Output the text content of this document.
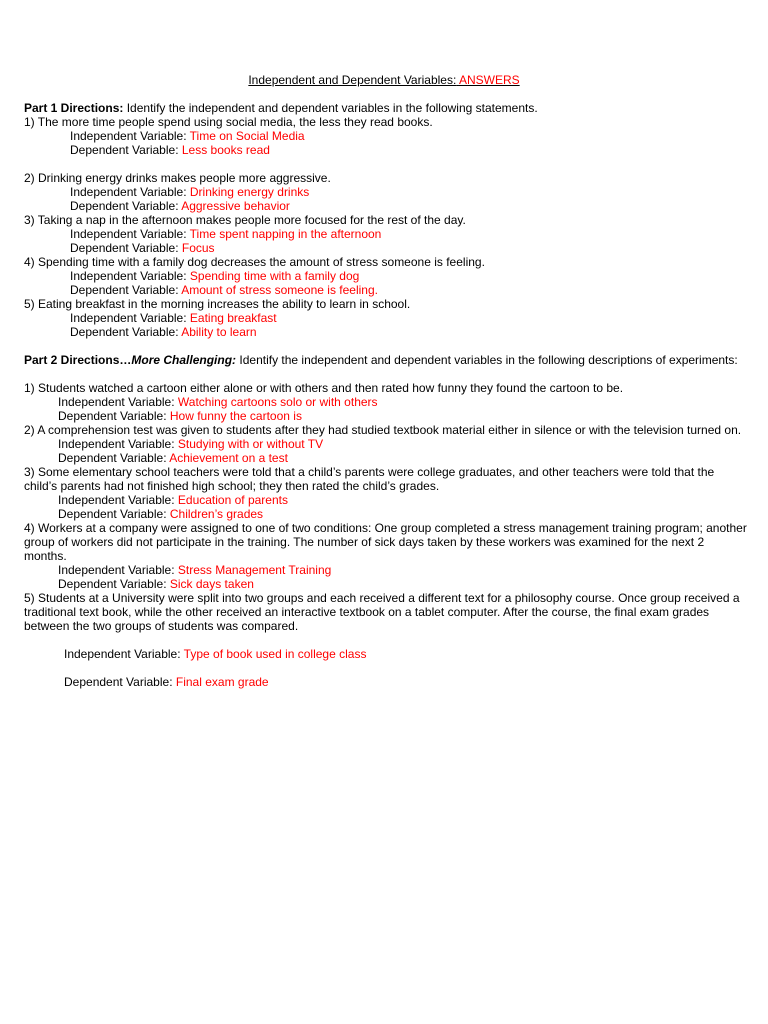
Independent and Dependent Variables: ANSWERS

Part 1 Directions: Identify the independent and dependent variables in the following statements.

1) The more time people spend using social media, the less they read books.

Independent Variable: Time on Social Media

Dependent Variable: Less books read

2) Drinking energy drinks makes people more aggressive.

Independent Variable: Drinking energy drinks

Dependent Variable: Aggressive behavior

3) Taking a nap in the afternoon makes people more focused for the rest of the day.

Independent Variable: Time spent napping in the afternoon

Dependent Variable: Focus

4) Spending time with a family dog decreases the amount of stress someone is feeling.

Independent Variable: Spending time with a family dog

Dependent Variable: Amount of stress someone is feeling.

5) Eating breakfast in the morning increases the ability to learn in school.

Independent Variable: Eating breakfast

Dependent Variable: Ability to learn

Part 2 Directions…More Challenging: Identify the independent and dependent variables in the following descriptions of experiments:

1) Students watched a cartoon either alone or with others and then rated how funny they found the cartoon to be.

Independent Variable: Watching cartoons solo or with others

Dependent Variable: How funny the cartoon is

2) A comprehension test was given to students after they had studied textbook material either in silence or with the television turned on.

Independent Variable: Studying with or without TV

Dependent Variable: Achievement on a test

3) Some elementary school teachers were told that a child’s parents were college graduates, and other teachers were told that the child’s parents had not finished high school; they then rated the child’s grades.

Independent Variable: Education of parents

Dependent Variable: Children’s grades

4) Workers at a company were assigned to one of two conditions: One group completed a stress management training program; another group of workers did not participate in the training. The number of sick days taken by these workers was examined for the next 2 months.

Independent Variable: Stress Management Training

Dependent Variable: Sick days taken

5) Students at a University were split into two groups and each received a different text for a philosophy course. Once group received a traditional text book, while the other received an interactive textbook on a tablet computer. After the course, the final exam grades between the two groups of students was compared.

Independent Variable: Type of book used in college class

Dependent Variable: Final exam grade
